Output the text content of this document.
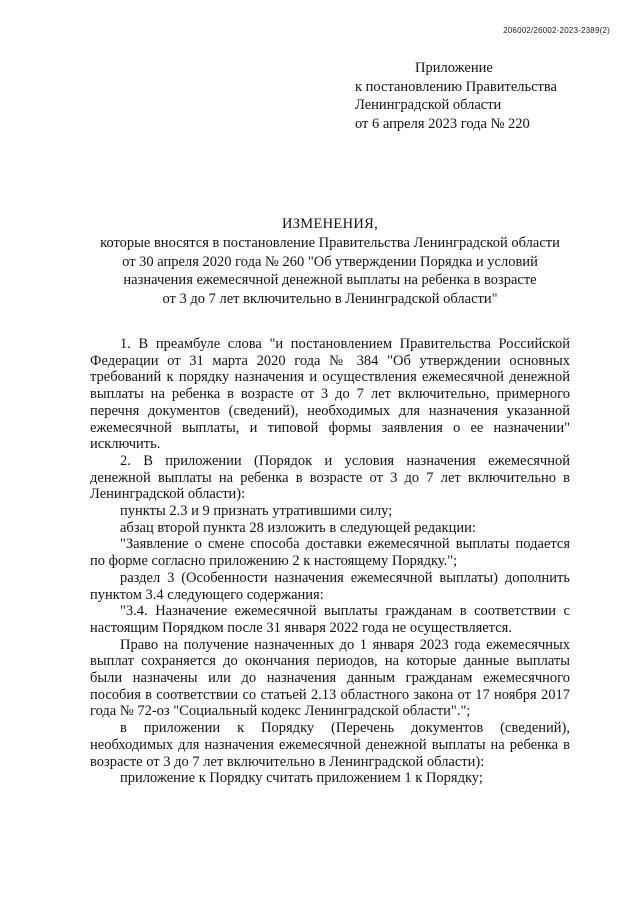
206002/26002-2023-2389(2)
Приложение
к постановлению Правительства
Ленинградской области
от 6 апреля 2023 года № 220
ИЗМЕНЕНИЯ,
которые вносятся в постановление Правительства Ленинградской области
от 30 апреля 2020 года № 260 "Об утверждении Порядка и условий
назначения ежемесячной денежной выплаты на ребенка в возрасте
от 3 до 7 лет включительно в Ленинградской области"

1. В преамбуле слова "и постановлением Правительства Российской Федерации от 31 марта 2020 года № 384 "Об утверждении основных требований к порядку назначения и осуществления ежемесячной денежной выплаты на ребенка в возрасте от 3 до 7 лет включительно, примерного перечня документов (сведений), необходимых для назначения указанной ежемесячной выплаты, и типовой формы заявления о ее назначении" исключить.

2. В приложении (Порядок и условия назначения ежемесячной денежной выплаты на ребенка в возрасте от 3 до 7 лет включительно в Ленинградской области):

пункты 2.3 и 9 признать утратившими силу;

абзац второй пункта 28 изложить в следующей редакции:

"Заявление о смене способа доставки ежемесячной выплаты подается по форме согласно приложению 2 к настоящему Порядку.";

раздел 3 (Особенности назначения ежемесячной выплаты) дополнить пунктом 3.4 следующего содержания:

"3.4. Назначение ежемесячной выплаты гражданам в соответствии с настоящим Порядком после 31 января 2022 года не осуществляется.

Право на получение назначенных до 1 января 2023 года ежемесячных выплат сохраняется до окончания периодов, на которые данные выплаты были назначены или до назначения данным гражданам ежемесячного пособия в соответствии со статьей 2.13 областного закона от 17 ноября 2017 года № 72-оз "Социальный кодекс Ленинградской области".";

в приложении к Порядку (Перечень документов (сведений), необходимых для назначения ежемесячной денежной выплаты на ребенка в возрасте от 3 до 7 лет включительно в Ленинградской области):

приложение к Порядку считать приложением 1 к Порядку;
